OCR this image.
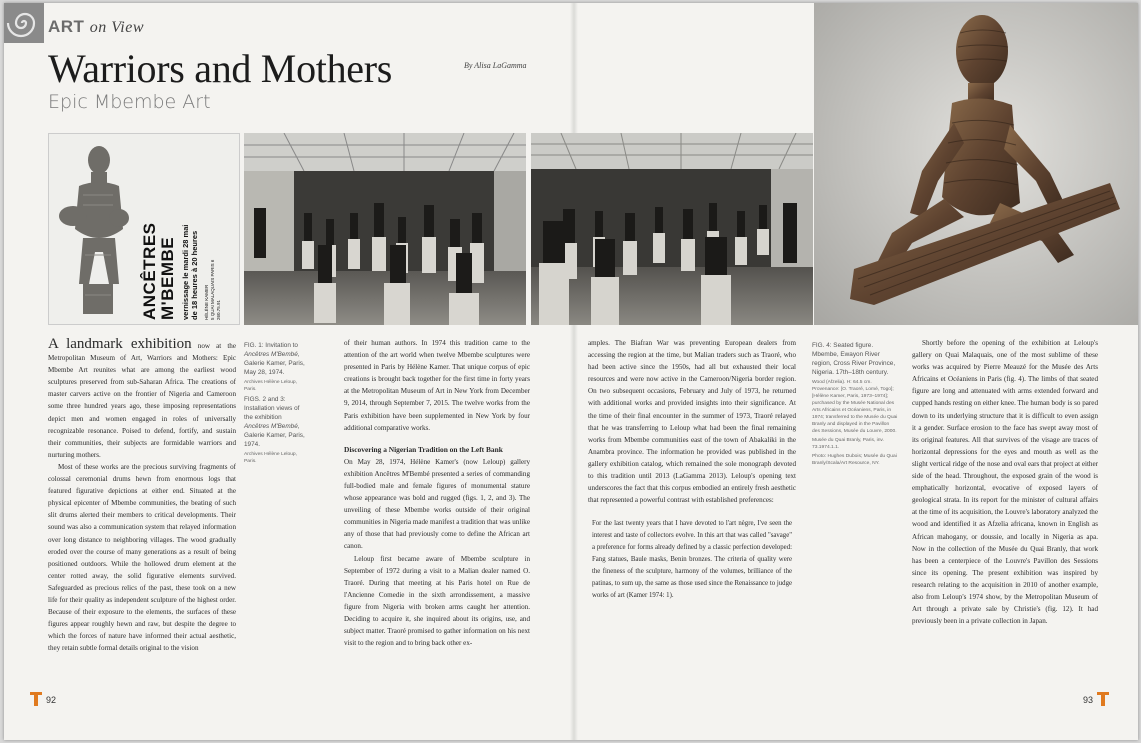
ART on View
Warriors and Mothers
Epic Mbembe Art
By Alisa LaGamma
ANCÊTRES M'BEMBE vernissage le mardi 28 mai de 18 heures à 20 heures HÉLÈNE KAMER 5 QUAI MALAQUAIS PARIS 6 260.75.91
FIG. 1: Invitation to
Ancêtres M'Bembé, Galerie Kamer, Paris, May 28, 1974.
Archives Hélène Leloup, Paris.
FIGS. 2 and 3: Installation views of the exhibition
Ancêtres M'Bembé, Galerie Kamer, Paris, 1974.
Archives Hélène Leloup, Paris.
FIG. 4: Seated figure. Mbembe, Ewayon River region, Cross River Province, Nigeria. 17th–18th century.
Wood (Afzelia). H: 64.5 cm. Provenance: [O. Traoré, Lomé, Togo]; [Hélène Kamer, Paris, 1973–1974]; purchased by the Musée National des Arts Africains et Océaniens, Paris, in 1974; transferred to the Musée du Quai Branly and displayed in the Pavillon des Sessions, Musée du Louvre, 2000.
Musée du Quai Branly, Paris, inv. 73.1974.1.1.
Photo: Hughes Dubois; Musée du Quai Branly/Scala/Art Resource, NY.

A landmark exhibition now at the Metropolitan Museum of Art, Warriors and Mothers: Epic Mbembe Art reunites what are among the earliest wood sculptures preserved from sub-Saharan Africa. The creations of master carvers active on the frontier of Nigeria and Cameroon some three hundred years ago, these imposing representations depict men and women engaged in roles of universally recognizable resonance. Poised to defend, fortify, and sustain their communities, their subjects are formidable warriors and nurturing mothers.

Most of these works are the precious surviving fragments of colossal ceremonial drums hewn from enormous logs that featured figurative depictions at either end. Situated at the physical epicenter of Mbembe communities, the beating of such slit drums alerted their members to critical developments. Their sound was also a communication system that relayed information over long distance to neighboring villages. The wood gradually eroded over the course of many generations as a result of being positioned outdoors. While the hollowed drum element at the center rotted away, the solid figurative elements survived. Safeguarded as precious relics of the past, these took on a new life for their quality as independent sculpture of the highest order. Because of their exposure to the elements, the surfaces of these figures appear roughly hewn and raw, but despite the degree to which the forces of nature have informed their actual aesthetic, they retain subtle formal details original to the vision

of their human authors. In 1974 this tradition came to the attention of the art world when twelve Mbembe sculptures were presented in Paris by Hélène Kamer. That unique corpus of epic creations is brought back together for the first time in forty years at the Metropolitan Museum of Art in New York from December 9, 2014, through September 7, 2015. The twelve works from the Paris exhibition have been supplemented in New York by four additional comparative works.

Discovering a Nigerian Tradition on the Left Bank

On May 28, 1974, Hélène Kamer's (now Leloup) gallery exhibition Ancêtres M'Bembé presented a series of commanding full-bodied male and female figures of monumental stature whose appearance was bold and rugged (figs. 1, 2, and 3). The unveiling of these Mbembe works outside of their original communities in Nigeria made manifest a tradition that was unlike any of those that had previously come to define the African art canon.

Leloup first became aware of Mbembe sculpture in September of 1972 during a visit to a Malian dealer named O. Traoré. During that meeting at his Paris hotel on Rue de l'Ancienne Comedie in the sixth arrondissement, a massive figure from Nigeria with broken arms caught her attention. Deciding to acquire it, she inquired about its origins, use, and subject matter. Traoré promised to gather information on his next visit to the region and to bring back other ex-

amples. The Biafran War was preventing European dealers from accessing the region at the time, but Malian traders such as Traoré, who had been active since the 1950s, had all but exhausted their local resources and were now active in the Cameroon/Nigeria border region. On two subsequent occasions, February and July of 1973, he returned with additional works and provided insights into their significance. At the time of their final encounter in the summer of 1973, Traoré relayed that he was transferring to Leloup what had been the final remaining works from Mbembe communities east of the town of Abakaliki in the Anambra province. The information he provided was published in the gallery exhibition catalog, which remained the sole monograph devoted to this tradition until 2013 (LaGamma 2013). Leloup's opening text underscores the fact that this corpus embodied an entirely fresh aesthetic that represented a powerful contrast with established preferences:

For the last twenty years that I have devoted to l'art nègre, I've seen the interest and taste of collectors evolve. In this art that was called "savage" a preference for forms already defined by a classic perfection developed: Fang statues, Baule masks, Benin bronzes. The criteria of quality were the fineness of the sculpture, harmony of the volumes, brilliance of the patinas, to sum up, the same as those used since the Renaissance to judge works of art (Kamer 1974: 1).

Shortly before the opening of the exhibition at Leloup's gallery on Quai Malaquais, one of the most sublime of these works was acquired by Pierre Meauzé for the Musée des Arts Africains et Océaniens in Paris (fig. 4). The limbs of that seated figure are long and attenuated with arms extended forward and cupped hands resting on either knee. The human body is so pared down to its underlying structure that it is difficult to even assign it a gender. Surface erosion to the face has swept away most of its original features. All that survives of the visage are traces of horizontal depressions for the eyes and mouth as well as the slight vertical ridge of the nose and oval ears that project at either side of the head. Throughout, the exposed grain of the wood is emphatically horizontal, evocative of exposed layers of geological strata. In its report for the minister of cultural affairs at the time of its acquisition, the Louvre's laboratory analyzed the wood and identified it as Afzelia africana, known in English as African mahogany, or doussie, and locally in Nigeria as apa. Now in the collection of the Musée du Quai Branly, that work has been a centerpiece of the Louvre's Pavillon des Sessions since its opening. The present exhibition was inspired by research relating to the acquisition in 2010 of another example, also from Leloup's 1974 show, by the Metropolitan Museum of Art through a private sale by Christie's (fig. 12). It had previously been in a private collection in Japan.

92	93
